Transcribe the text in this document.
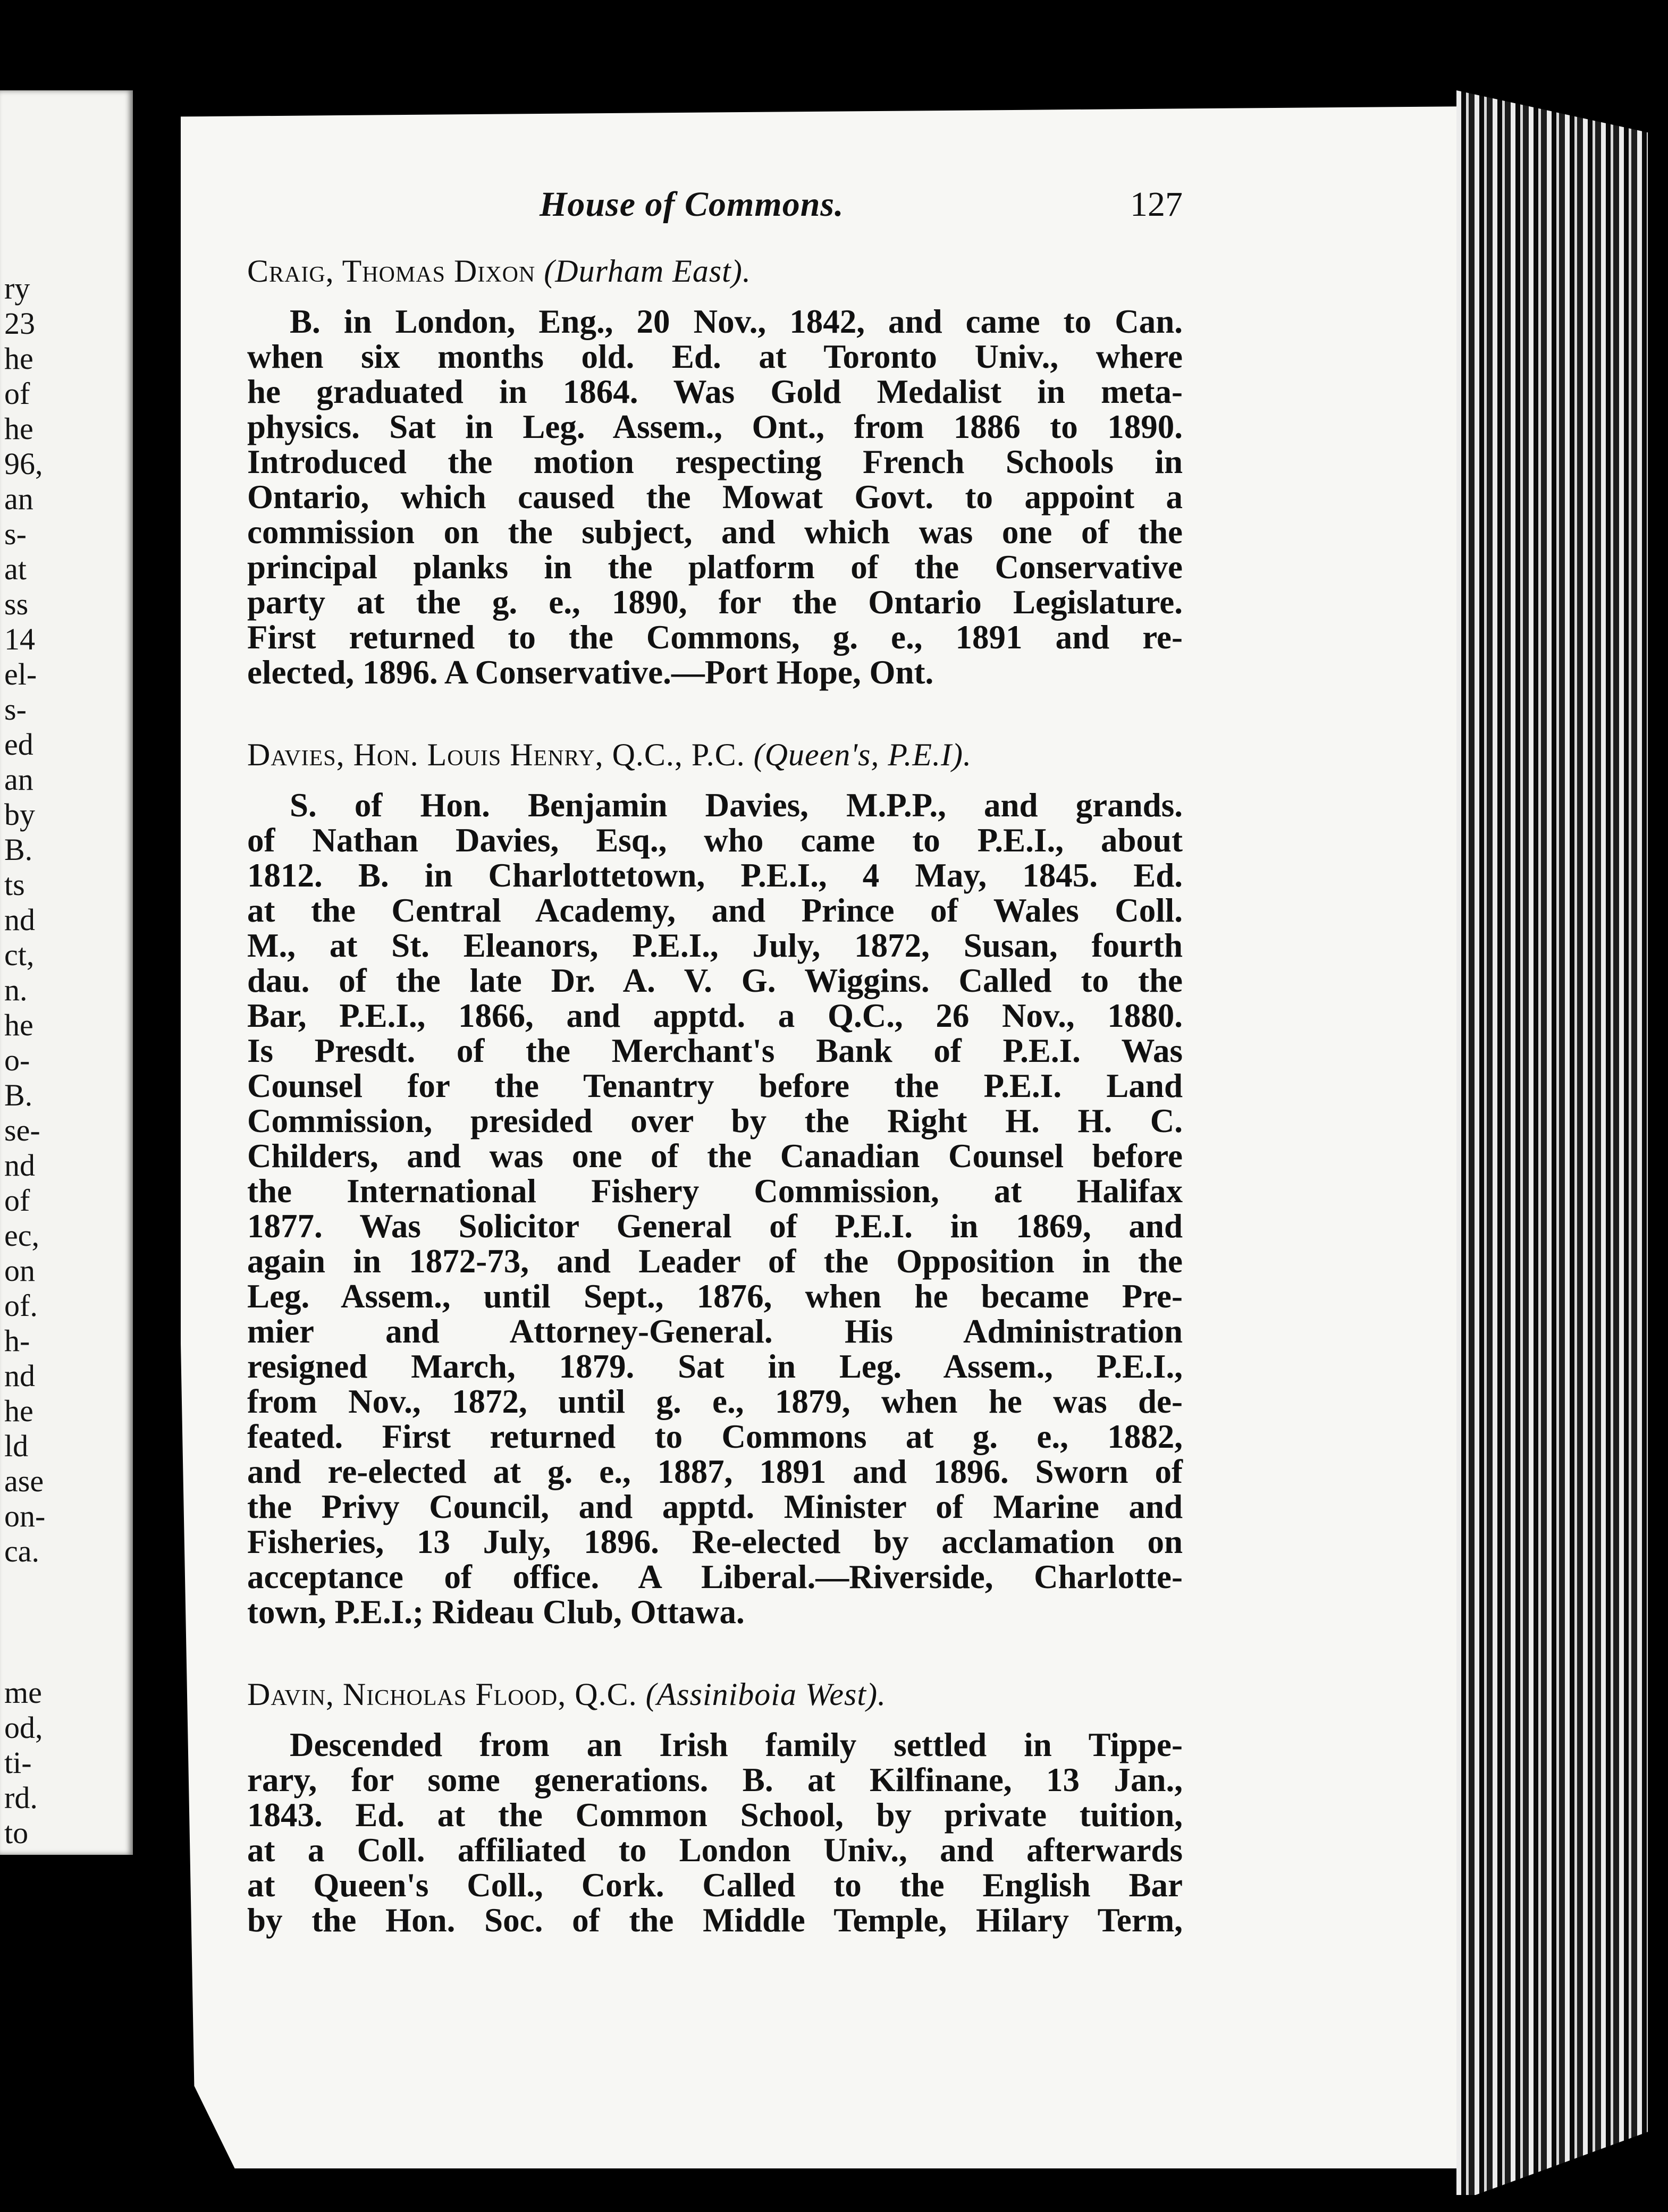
ry
23
he
of
he
96,
an
s-
at
ss
14
el-
s-
ed
an
by
B.
ts
nd
ct,
n.
he
o-
B.
se-
nd
of
ec,
on
of.
h-
nd
he
ld
ase
on-
ca.
me
od,
ti-
rd.
to
House of Commons.	127
Craig, Thomas Dixon (Durham East).
B. in London, Eng., 20 Nov., 1842, and came to Can.
when six months old. Ed. at Toronto Univ., where
he graduated in 1864. Was Gold Medalist in meta-
physics. Sat in Leg. Assem., Ont., from 1886 to 1890.
Introduced the motion respecting French Schools in
Ontario, which caused the Mowat Govt. to appoint a
commission on the subject, and which was one of the
principal planks in the platform of the Conservative
party at the g. e., 1890, for the Ontario Legislature.
First returned to the Commons, g. e., 1891 and re-
elected, 1896. A Conservative.—Port Hope, Ont.
Davies, Hon. Louis Henry, Q.C., P.C. (Queen's, P.E.I).
S. of Hon. Benjamin Davies, M.P.P., and grands.
of Nathan Davies, Esq., who came to P.E.I., about
1812. B. in Charlottetown, P.E.I., 4 May, 1845. Ed.
at the Central Academy, and Prince of Wales Coll.
M., at St. Eleanors, P.E.I., July, 1872, Susan, fourth
dau. of the late Dr. A. V. G. Wiggins. Called to the
Bar, P.E.I., 1866, and apptd. a Q.C., 26 Nov., 1880.
Is Presdt. of the Merchant's Bank of P.E.I. Was
Counsel for the Tenantry before the P.E.I. Land
Commission, presided over by the Right H. H. C.
Childers, and was one of the Canadian Counsel before
the International Fishery Commission, at Halifax
1877. Was Solicitor General of P.E.I. in 1869, and
again in 1872-73, and Leader of the Opposition in the
Leg. Assem., until Sept., 1876, when he became Pre-
mier and Attorney-General. His Administration
resigned March, 1879. Sat in Leg. Assem., P.E.I.,
from Nov., 1872, until g. e., 1879, when he was de-
feated. First returned to Commons at g. e., 1882,
and re-elected at g. e., 1887, 1891 and 1896. Sworn of
the Privy Council, and apptd. Minister of Marine and
Fisheries, 13 July, 1896. Re-elected by acclamation on
acceptance of office. A Liberal.—Riverside, Charlotte-
town, P.E.I.; Rideau Club, Ottawa.
Davin, Nicholas Flood, Q.C. (Assiniboia West).
Descended from an Irish family settled in Tippe-
rary, for some generations. B. at Kilfinane, 13 Jan.,
1843. Ed. at the Common School, by private tuition,
at a Coll. affiliated to London Univ., and afterwards
at Queen's Coll., Cork. Called to the English Bar
by the Hon. Soc. of the Middle Temple, Hilary Term,
